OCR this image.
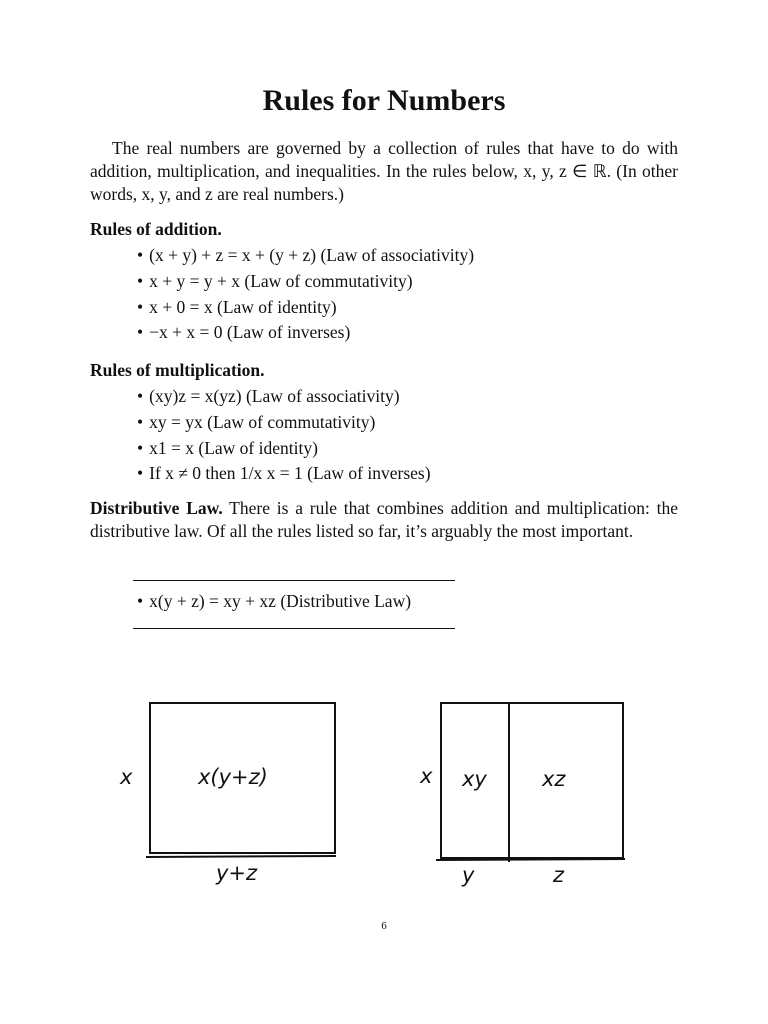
Rules for Numbers
The real numbers are governed by a collection of rules that have to do with addition, multiplication, and inequalities. In the rules below, x, y, z ∈ ℝ. (In other words, x, y, and z are real numbers.)
Rules of addition.
• (x + y) + z = x + (y + z) (Law of associativity)
• x + y = y + x (Law of commutativity)
• x + 0 = x (Law of identity)
• −x + x = 0 (Law of inverses)
Rules of multiplication.
• (xy)z = x(yz) (Law of associativity)
• xy = yx (Law of commutativity)
• x1 = x (Law of identity)
• If x ≠ 0 then 1/x x = 1 (Law of inverses)
Distributive Law. There is a rule that combines addition and multiplication: the distributive law. Of all the rules listed so far, it’s arguably the most important.
• x(y + z) = xy + xz (Distributive Law)
x	x(y+z)
y+z
x xy	xz
y	z
6
